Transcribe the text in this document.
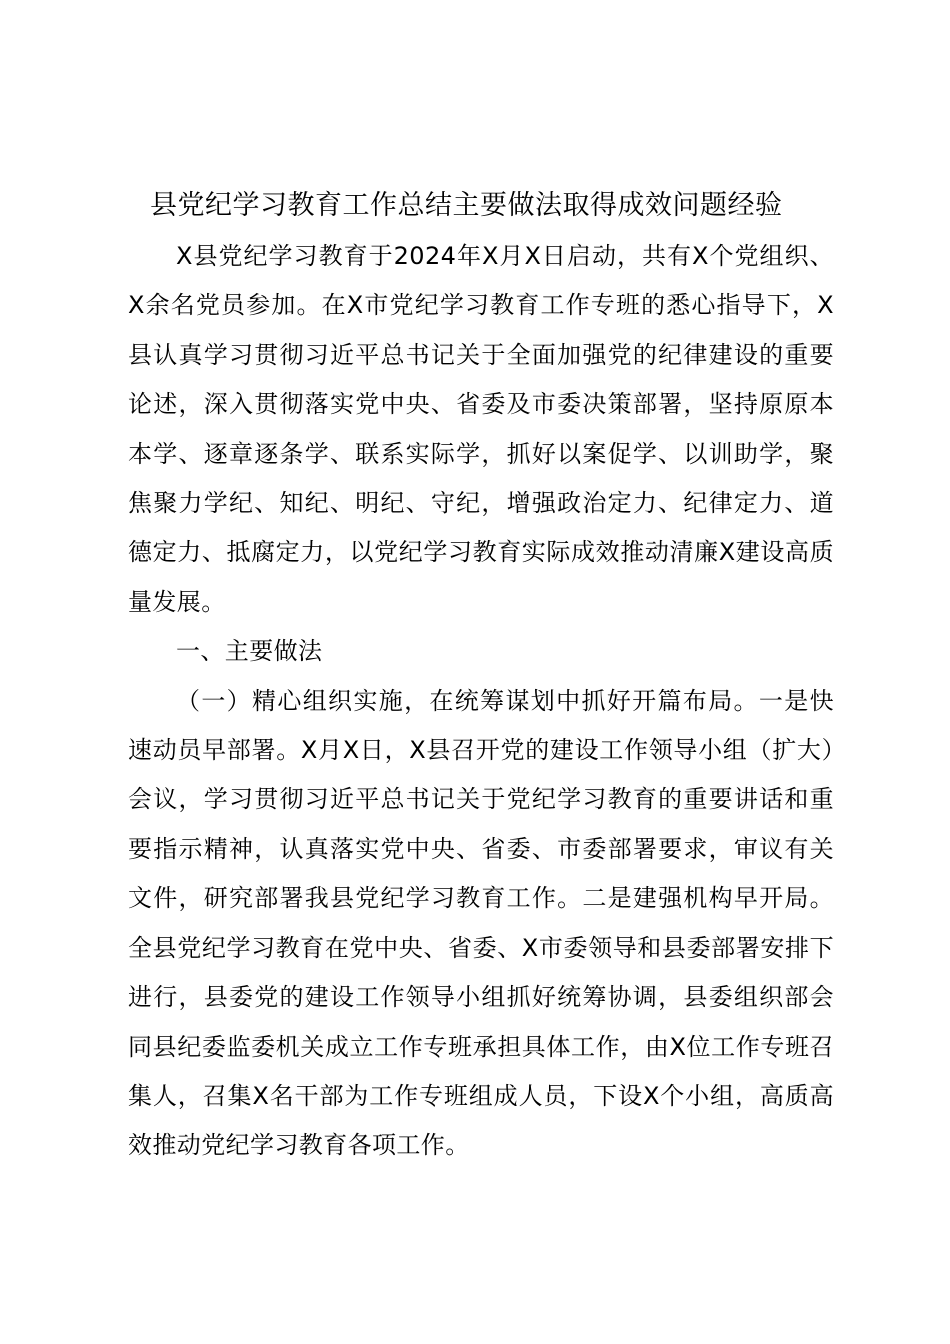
县党纪学习教育工作总结主要做法取得成效问题经验

X县党纪学习教育于2024年X月X日启动，共有X个党组织、X余名党员参加。在X市党纪学习教育工作专班的悉心指导下，X县认真学习贯彻习近平总书记关于全面加强党的纪律建设的重要论述，深入贯彻落实党中央、省委及市委决策部署，坚持原原本本学、逐章逐条学、联系实际学，抓好以案促学、以训助学，聚焦聚力学纪、知纪、明纪、守纪，增强政治定力、纪律定力、道德定力、抵腐定力，以党纪学习教育实际成效推动清廉X建设高质量发展。

一、主要做法

（一）精心组织实施，在统筹谋划中抓好开篇布局。一是快速动员早部署。X月X日，X县召开党的建设工作领导小组（扩大）会议，学习贯彻习近平总书记关于党纪学习教育的重要讲话和重要指示精神，认真落实党中央、省委、市委部署要求，审议有关文件，研究部署我县党纪学习教育工作。二是建强机构早开局。全县党纪学习教育在党中央、省委、X市委领导和县委部署安排下进行，县委党的建设工作领导小组抓好统筹协调，县委组织部会同县纪委监委机关成立工作专班承担具体工作，由X位工作专班召集人，召集X名干部为工作专班组成人员，下设X个小组，高质高效推动党纪学习教育各项工作。
